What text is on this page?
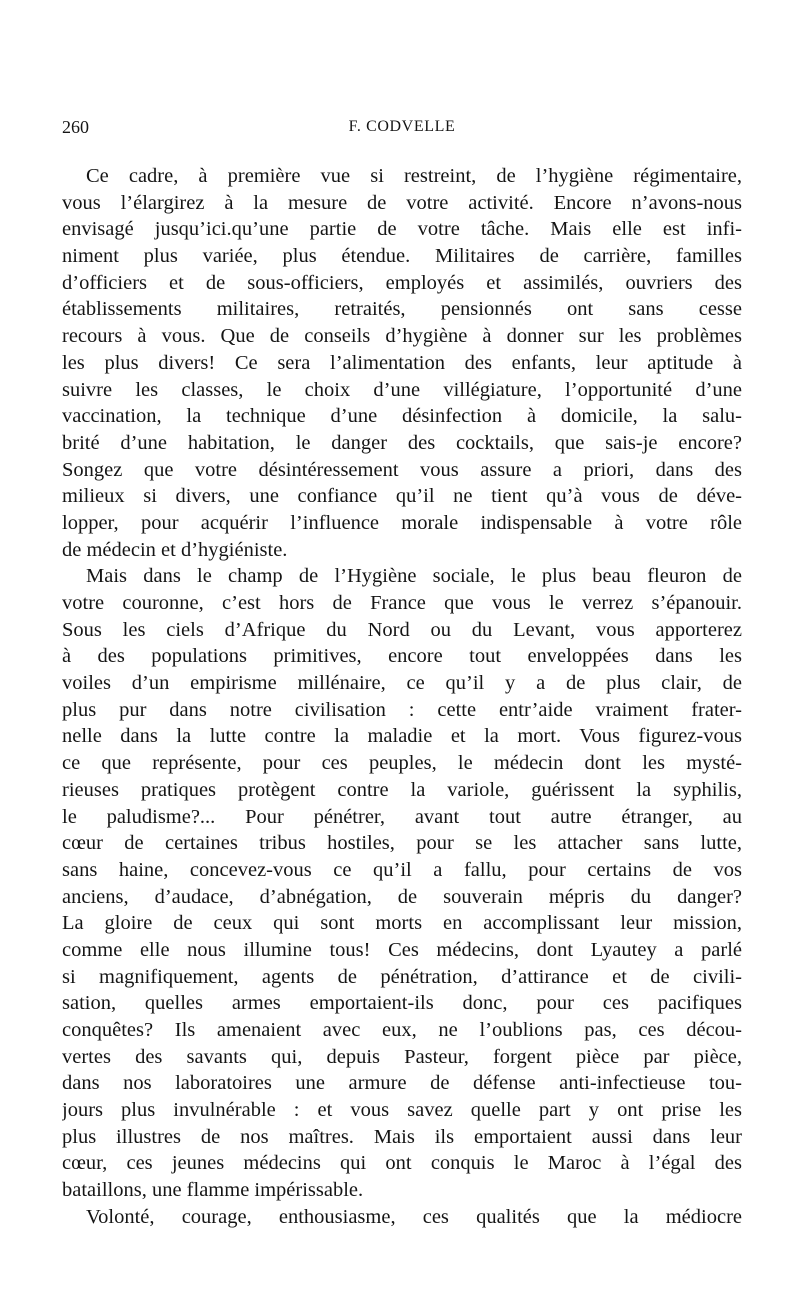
260	F. CODVELLE

Ce cadre, à première vue si restreint, de l’hygiène régimentaire,
vous l’élargirez à la mesure de votre activité. Encore n’avons-nous
envisagé jusqu’ici.qu’une partie de votre tâche. Mais elle est infi-
niment plus variée, plus étendue. Militaires de carrière, familles
d’officiers et de sous-officiers, employés et assimilés, ouvriers des
établissements militaires, retraités, pensionnés ont sans cesse
recours à vous. Que de conseils d’hygiène à donner sur les problèmes
les plus divers! Ce sera l’alimentation des enfants, leur aptitude à
suivre les classes, le choix d’une villégiature, l’opportunité d’une
vaccination, la technique d’une désinfection à domicile, la salu-
brité d’une habitation, le danger des cocktails, que sais-je encore?
Songez que votre désintéressement vous assure a priori, dans des
milieux si divers, une confiance qu’il ne tient qu’à vous de déve-
lopper, pour acquérir l’influence morale indispensable à votre rôle
de médecin et d’hygiéniste.

Mais dans le champ de l’Hygiène sociale, le plus beau fleuron de
votre couronne, c’est hors de France que vous le verrez s’épanouir.
Sous les ciels d’Afrique du Nord ou du Levant, vous apporterez
à des populations primitives, encore tout enveloppées dans les
voiles d’un empirisme millénaire, ce qu’il y a de plus clair, de
plus pur dans notre civilisation : cette entr’aide vraiment frater-
nelle dans la lutte contre la maladie et la mort. Vous figurez-vous
ce que représente, pour ces peuples, le médecin dont les mysté-
rieuses pratiques protègent contre la variole, guérissent la syphilis,
le paludisme?... Pour pénétrer, avant tout autre étranger, au
cœur de certaines tribus hostiles, pour se les attacher sans lutte,
sans haine, concevez-vous ce qu’il a fallu, pour certains de vos
anciens, d’audace, d’abnégation, de souverain mépris du danger?
La gloire de ceux qui sont morts en accomplissant leur mission,
comme elle nous illumine tous! Ces médecins, dont Lyautey a parlé
si magnifiquement, agents de pénétration, d’attirance et de civili-
sation, quelles armes emportaient-ils donc, pour ces pacifiques
conquêtes? Ils amenaient avec eux, ne l’oublions pas, ces décou-
vertes des savants qui, depuis Pasteur, forgent pièce par pièce,
dans nos laboratoires une armure de défense anti-infectieuse tou-
jours plus invulnérable : et vous savez quelle part y ont prise les
plus illustres de nos maîtres. Mais ils emportaient aussi dans leur
cœur, ces jeunes médecins qui ont conquis le Maroc à l’égal des
bataillons, une flamme impérissable.

Volonté, courage, enthousiasme, ces qualités que la médiocre
